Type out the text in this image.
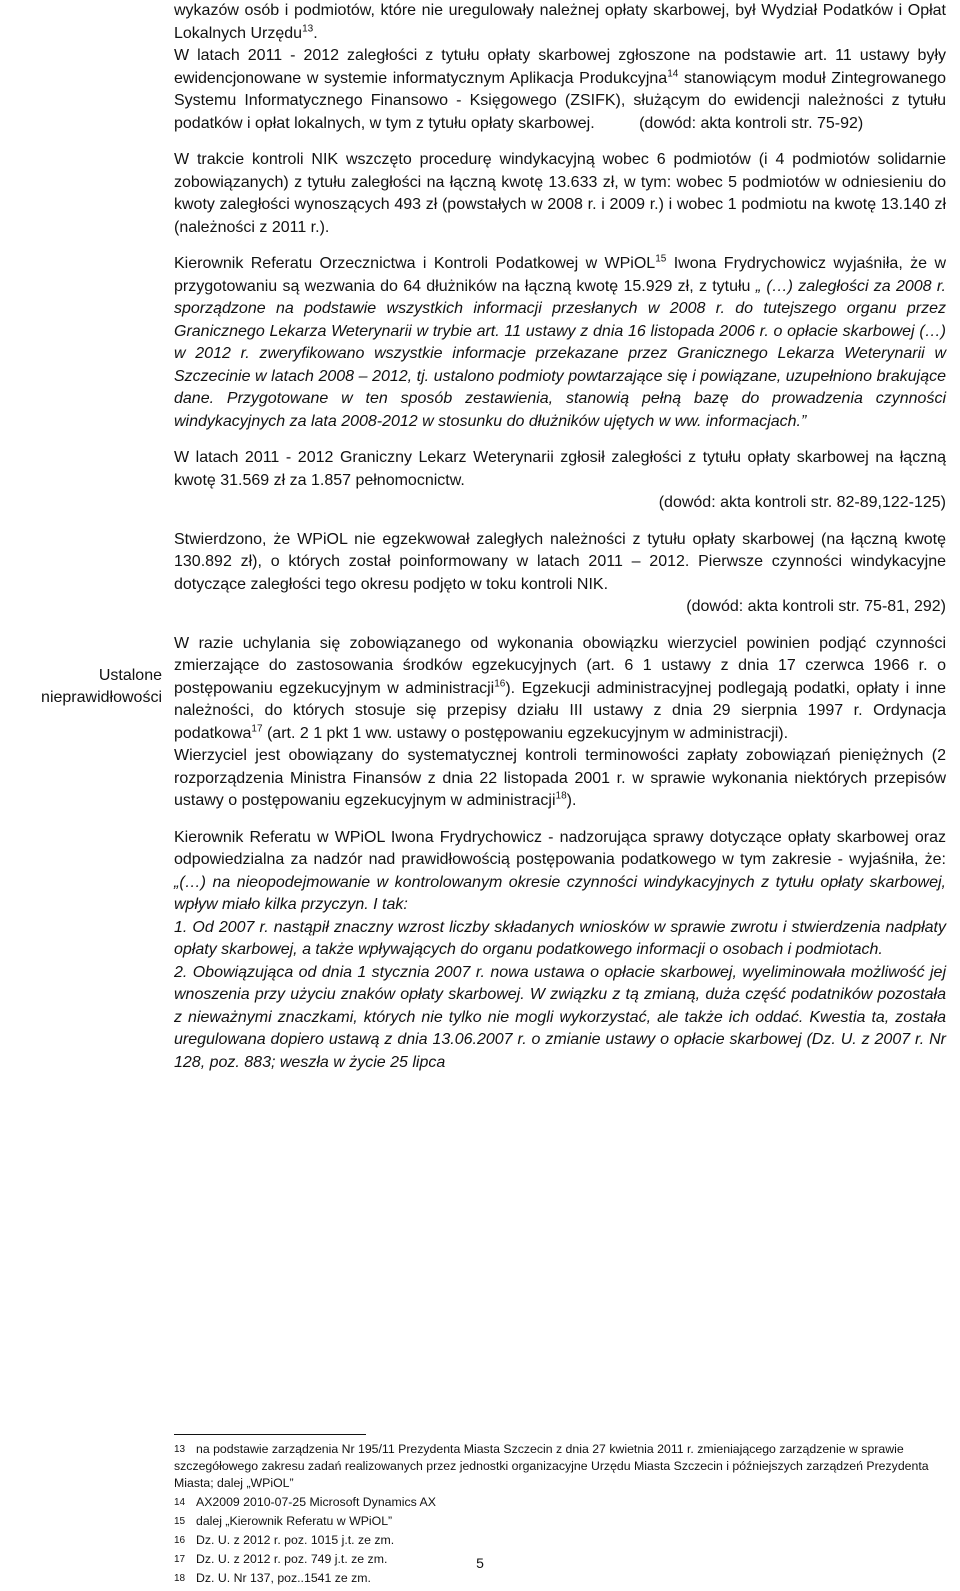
Ustalone nieprawidłowości

wykazów osób i podmiotów, które nie uregulowały należnej opłaty skarbowej, był Wydział Podatków i Opłat Lokalnych Urzędu$^{13}$.

W latach 2011 - 2012 zaległości z tytułu opłaty skarbowej zgłoszone na podstawie art. 11 ustawy były ewidencjonowane w systemie informatycznym Aplikacja Produkcyjna$^{14}$ stanowiącym moduł Zintegrowanego Systemu Informatycznego Finansowo - Księgowego (ZSIFK), służącym do ewidencji należności z tytułu podatków i opłat lokalnych, w tym z tytułu opłaty skarbowej.	(dowód: akta kontroli str. 75-92)

W trakcie kontroli NIK wszczęto procedurę windykacyjną wobec 6 podmiotów (i 4 podmiotów solidarnie zobowiązanych) z tytułu zaległości na łączną kwotę 13.633 zł, w tym: wobec 5 podmiotów w odniesieniu do kwoty zaległości wynoszących 493 zł (powstałych w 2008 r. i 2009 r.) i wobec 1 podmiotu na kwotę 13.140 zł (należności z 2011 r.).

Kierownik Referatu Orzecznictwa i Kontroli Podatkowej w WPiOL$^{15}$ Iwona Frydrychowicz wyjaśniła, że w przygotowaniu są wezwania do 64 dłużników na łączną kwotę 15.929 zł, z tytułu „ (…) zaległości za 2008 r. sporządzone na podstawie wszystkich informacji przesłanych w 2008 r. do tutejszego organu przez Granicznego Lekarza Weterynarii w trybie art. 11 ustawy z dnia 16 listopada 2006 r. o opłacie skarbowej (…) w 2012 r. zweryfikowano wszystkie informacje przekazane przez Granicznego Lekarza Weterynarii w Szczecinie w latach 2008 – 2012, tj. ustalono podmioty powtarzające się i powiązane, uzupełniono brakujące dane. Przygotowane w ten sposób zestawienia, stanowią pełną bazę do prowadzenia czynności windykacyjnych za lata 2008-2012 w stosunku do dłużników ujętych w ww. informacjach.”

W latach 2011 - 2012 Graniczny Lekarz Weterynarii zgłosił zaległości z tytułu opłaty skarbowej na łączną kwotę 31.569 zł za 1.857 pełnomocnictw.

(dowód: akta kontroli str. 82-89,122-125)

Stwierdzono, że WPiOL nie egzekwował zaległych należności z tytułu opłaty skarbowej (na łączną kwotę 130.892 zł), o których został poinformowany w latach 2011 – 2012. Pierwsze czynności windykacyjne dotyczące zaległości tego okresu podjęto w toku kontroli NIK.

(dowód: akta kontroli str. 75-81, 292)

W razie uchylania się zobowiązanego od wykonania obowiązku wierzyciel powinien podjąć czynności zmierzające do zastosowania środków egzekucyjnych (art. 6 1 ustawy z dnia 17 czerwca 1966 r. o postępowaniu egzekucyjnym w administracji$^{16}$). Egzekucji administracyjnej podlegają podatki, opłaty i inne należności, do których stosuje się przepisy działu III ustawy z dnia 29 sierpnia 1997 r. Ordynacja podatkowa$^{17}$ (art. 2 1 pkt 1 ww. ustawy o postępowaniu egzekucyjnym w administracji).

Wierzyciel jest obowiązany do systematycznej kontroli terminowości zapłaty zobowiązań pieniężnych (2 rozporządzenia Ministra Finansów z dnia 22 listopada 2001 r. w sprawie wykonania niektórych przepisów ustawy o postępowaniu egzekucyjnym w administracji$^{18}$).

Kierownik Referatu w WPiOL Iwona Frydrychowicz - nadzorująca sprawy dotyczące opłaty skarbowej oraz odpowiedzialna za nadzór nad prawidłowością postępowania podatkowego w tym zakresie - wyjaśniła, że: „(…) na nieopodejmowanie w kontrolowanym okresie czynności windykacyjnych z tytułu opłaty skarbowej, wpływ miało kilka przyczyn. I tak:

1. Od 2007 r. nastąpił znaczny wzrost liczby składanych wniosków w sprawie zwrotu i stwierdzenia nadpłaty opłaty skarbowej, a także wpływających do organu podatkowego informacji o osobach i podmiotach.

2. Obowiązująca od dnia 1 stycznia 2007 r. nowa ustawa o opłacie skarbowej, wyeliminowała możliwość jej wnoszenia przy użyciu znaków opłaty skarbowej. W związku z tą zmianą, duża część podatników pozostała z nieważnymi znaczkami, których nie tylko nie mogli wykorzystać, ale także ich oddać. Kwestia ta, została uregulowana dopiero ustawą z dnia 13.06.2007 r. o zmianie ustawy o opłacie skarbowej (Dz. U. z 2007 r. Nr 128, poz. 883; weszła w życie 25 lipca

13 na podstawie zarządzenia Nr 195/11 Prezydenta Miasta Szczecin z dnia 27 kwietnia 2011 r. zmieniającego zarządzenie w sprawie szczegółowego zakresu zadań realizowanych przez jednostki organizacyjne Urzędu Miasta Szczecin i późniejszych zarządzeń Prezydenta Miasta; dalej „WPiOL”

14 AX2009 2010-07-25 Microsoft Dynamics AX

15 dalej „Kierownik Referatu w WPiOL”

16 Dz. U. z 2012 r. poz. 1015 j.t. ze zm.

17 Dz. U. z 2012 r. poz. 749 j.t. ze zm.

18 Dz. U. Nr 137, poz..1541 ze zm.

5
